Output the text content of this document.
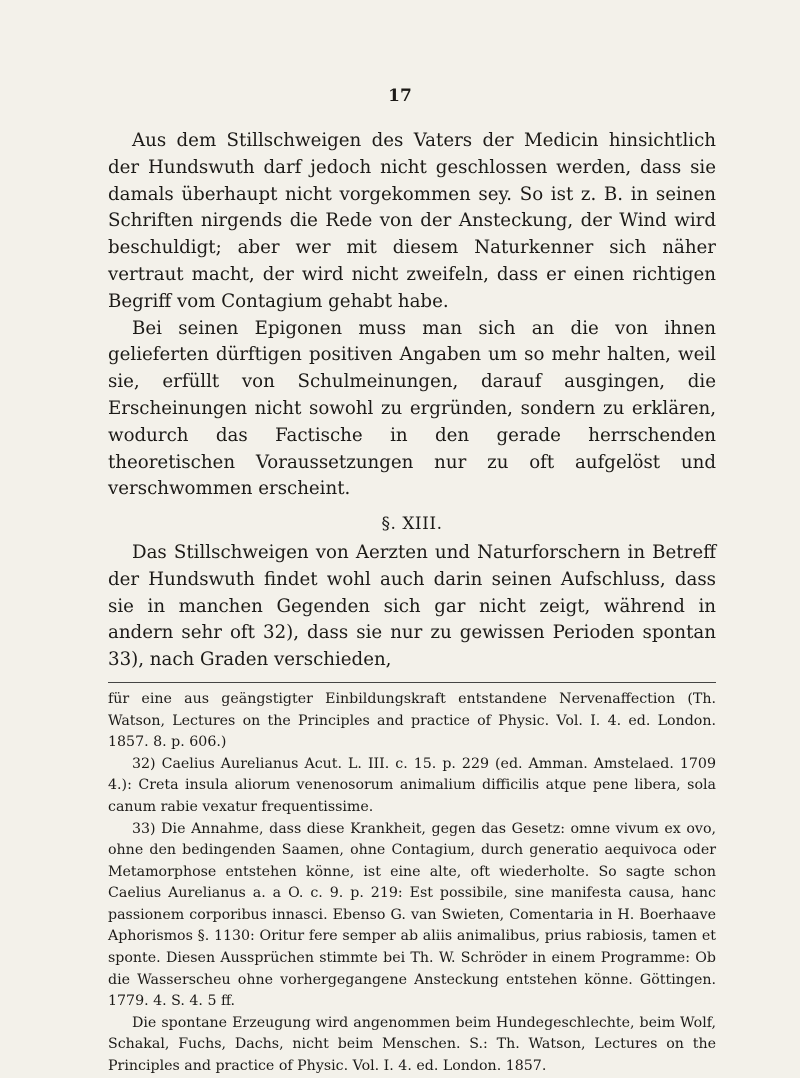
17

Aus dem Stillschweigen des Vaters der Medicin hinsichtlich der Hundswuth darf jedoch nicht geschlossen werden, dass sie damals überhaupt nicht vorgekommen sey. So ist z. B. in seinen Schriften nirgends die Rede von der Ansteckung, der Wind wird beschuldigt; aber wer mit diesem Naturkenner sich näher vertraut macht, der wird nicht zweifeln, dass er einen richtigen Begriff vom Contagium gehabt habe.

Bei seinen Epigonen muss man sich an die von ihnen gelieferten dürftigen positiven Angaben um so mehr halten, weil sie, erfüllt von Schulmeinungen, darauf ausgingen, die Erscheinungen nicht sowohl zu ergründen, sondern zu erklären, wodurch das Factische in den gerade herrschenden theoretischen Voraussetzungen nur zu oft aufgelöst und verschwommen erscheint.

§. XIII.

Das Stillschweigen von Aerzten und Naturforschern in Betreff der Hundswuth findet wohl auch darin seinen Aufschluss, dass sie in manchen Gegenden sich gar nicht zeigt, während in andern sehr oft 32), dass sie nur zu gewissen Perioden spontan 33), nach Graden verschieden,

für eine aus geängstigter Einbildungskraft entstandene Nervenaffection (Th. Watson, Lectures on the Principles and practice of Physic. Vol. I. 4. ed. London. 1857. 8. p. 606.)

32) Caelius Aurelianus Acut. L. III. c. 15. p. 229 (ed. Amman. Amstelaed. 1709 4.): Creta insula aliorum venenosorum animalium difficilis atque pene libera, sola canum rabie vexatur frequentissime.

33) Die Annahme, dass diese Krankheit, gegen das Gesetz: omne vivum ex ovo, ohne den bedingenden Saamen, ohne Contagium, durch generatio aequivoca oder Metamorphose entstehen könne, ist eine alte, oft wiederholte. So sagte schon Caelius Aurelianus a. a O. c. 9. p. 219: Est possibile, sine manifesta causa, hanc passionem corporibus innasci. Ebenso G. van Swieten, Comentaria in H. Boerhaave Aphorismos §. 1130: Oritur fere semper ab aliis animalibus, prius rabiosis, tamen et sponte. Diesen Aussprüchen stimmte bei Th. W. Schröder in einem Programme: Ob die Wasserscheu ohne vorhergegangene Ansteckung entstehen könne. Göttingen. 1779. 4. S. 4. 5 ff.

Die spontane Erzeugung wird angenommen beim Hundegeschlechte, beim Wolf, Schakal, Fuchs, Dachs, nicht beim Menschen. S.: Th. Watson, Lectures on the Principles and practice of Physic. Vol. I. 4. ed. London. 1857.
